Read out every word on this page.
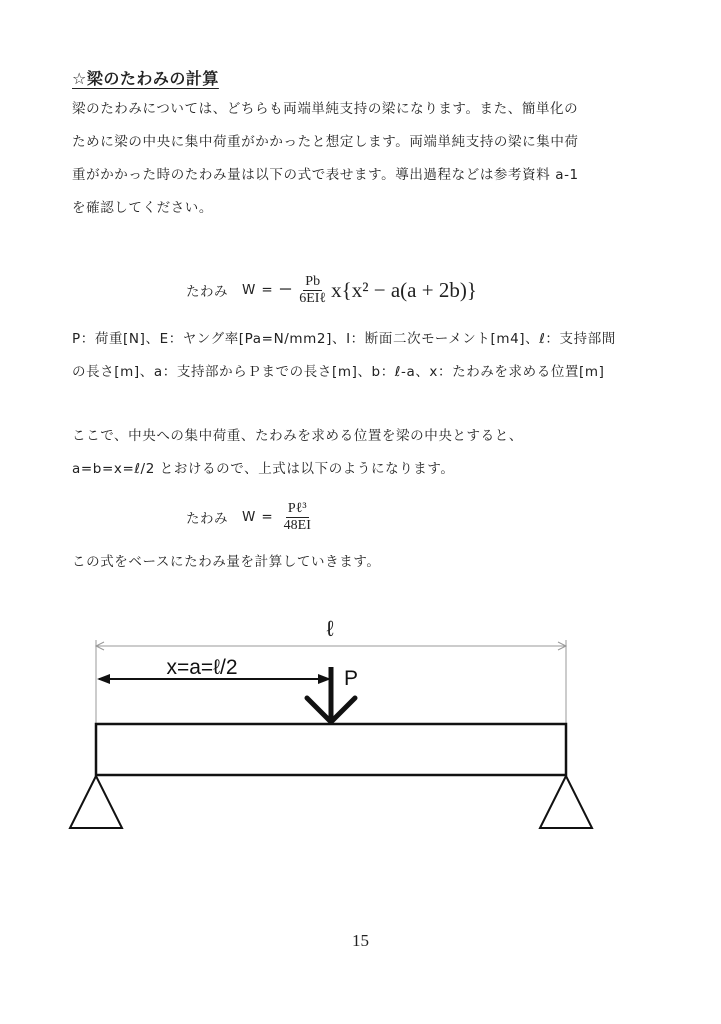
☆梁のたわみの計算
梁のたわみについては、どちらも両端単純支持の梁になります。また、簡単化の
ために梁の中央に集中荷重がかかったと想定します。両端単純支持の梁に集中荷
重がかかった時のたわみ量は以下の式で表せます。導出過程などは参考資料 a-1
を確認してください。
たわみ W = − $\frac{Pb}{\text{6EIℓ}} x\{x^2 - a(a + 2b)\}$
P：荷重[N]、E：ヤング率[Pa=N/mm2]、I：断面二次モーメント[m4]、ℓ：支持部間
の長さ[m]、a：支持部からＰまでの長さ[m]、b：ℓ-a、x：たわみを求める位置[m]
ここで、中央への集中荷重、たわみを求める位置を梁の中央とすると、
a=b=x=ℓ/2 とおけるので、上式は以下のようになります。
たわみ $W = \frac{\text{Pℓ³}}{48EI}$
この式をベースにたわみ量を計算していきます。
ℓ
x=a=ℓ/2	P
15
